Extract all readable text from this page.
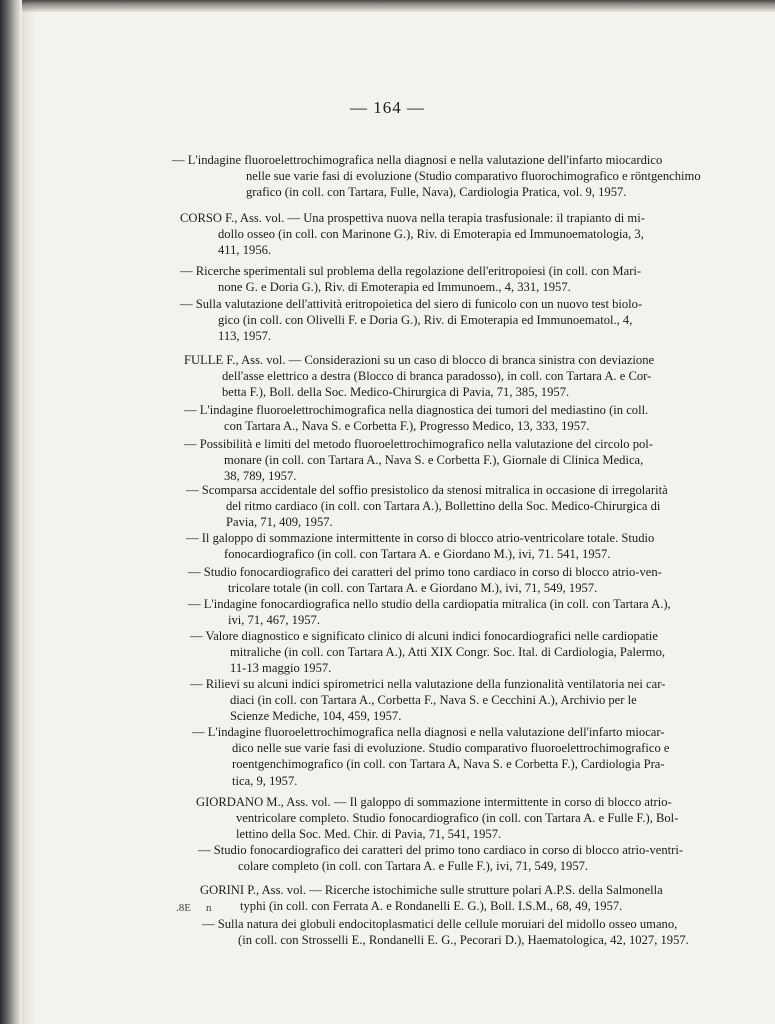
— 164 —
— L'indagine fluoroelettrochimografica nella diagnosi e nella valutazione dell'infarto miocardico
nelle sue varie fasi di evoluzione (Studio comparativo fluorochimografico e röntgenchimo
grafico (in coll. con Tartara, Fulle, Nava), Cardiologia Pratica, vol. 9, 1957.
CORSO F., Ass. vol. — Una prospettiva nuova nella terapia trasfusionale: il trapianto di mi-
dollo osseo (in coll. con Marinone G.), Riv. di Emoterapia ed Immunoematologia, 3,
411, 1956.
— Ricerche sperimentali sul problema della regolazione dell'eritropoiesi (in coll. con Mari-
none G. e Doria G.), Riv. di Emoterapia ed Immunoem., 4, 331, 1957.
— Sulla valutazione dell'attività eritropoietica del siero di funicolo con un nuovo test biolo-
gico (in coll. con Olivelli F. e Doria G.), Riv. di Emoterapia ed Immunoematol., 4,
113, 1957.
FULLE F., Ass. vol. — Considerazioni su un caso di blocco di branca sinistra con deviazione
dell'asse elettrico a destra (Blocco di branca paradosso), in coll. con Tartara A. e Cor-
betta F.), Boll. della Soc. Medico-Chirurgica di Pavia, 71, 385, 1957.
— L'indagine fluoroelettrochimografica nella diagnostica dei tumori del mediastino (in coll.
con Tartara A., Nava S. e Corbetta F.), Progresso Medico, 13, 333, 1957.
— Possibilità e limiti del metodo fluoroelettrochimografico nella valutazione del circolo pol-
monare (in coll. con Tartara A., Nava S. e Corbetta F.), Giornale di Clinica Medica,
38, 789, 1957.
— Scomparsa accidentale del soffio presistolico da stenosi mitralica in occasione di irregolarità
del ritmo cardiaco (in coll. con Tartara A.), Bollettino della Soc. Medico-Chirurgica di
Pavia, 71, 409, 1957.
— Il galoppo di sommazione intermittente in corso di blocco atrio-ventricolare totale. Studio
fonocardiografico (in coll. con Tartara A. e Giordano M.), ivi, 71. 541, 1957.
— Studio fonocardiografico dei caratteri del primo tono cardiaco in corso di blocco atrio-ven-
tricolare totale (in coll. con Tartara A. e Giordano M.), ivi, 71, 549, 1957.
— L'indagine fonocardiografica nello studio della cardiopatia mitralica (in coll. con Tartara A.),
ivi, 71, 467, 1957.
— Valore diagnostico e significato clinico di alcuni indici fonocardiografici nelle cardiopatie
mitraliche (in coll. con Tartara A.), Atti XIX Congr. Soc. Ital. di Cardiologia, Palermo,
11-13 maggio 1957.
— Rilievi su alcuni indici spirometrici nella valutazione della funzionalità ventilatoria nei car-
diaci (in coll. con Tartara A., Corbetta F., Nava S. e Cecchini A.), Archivio per le
Scienze Mediche, 104, 459, 1957.
— L'indagine fluoroelettrochimografica nella diagnosi e nella valutazione dell'infarto miocar-
dico nelle sue varie fasi di evoluzione. Studio comparativo fluoroelettrochimografico e
roentgenchimografico (in coll. con Tartara A, Nava S. e Corbetta F.), Cardiologia Pra-
tica, 9, 1957.
GIORDANO M., Ass. vol. — Il galoppo di sommazione intermittente in corso di blocco atrio-
ventricolare completo. Studio fonocardiografico (in coll. con Tartara A. e Fulle F.), Bol-
lettino della Soc. Med. Chir. di Pavia, 71, 541, 1957.
— Studio fonocardiografico dei caratteri del primo tono cardiaco in corso di blocco atrio-ventri-
colare completo (in coll. con Tartara A. e Fulle F.), ivi, 71, 549, 1957.
GORINI P., Ass. vol. — Ricerche istochimiche sulle strutture polari A.P.S. della Salmonella
typhi (in coll. con Ferrata A. e Rondanelli E. G.), Boll. I.S.M., 68, 49, 1957.
— Sulla natura dei globuli endocitoplasmatici delle cellule moruiari del midollo osseo umano,
(in coll. con Strosselli E., Rondanelli E. G., Pecorari D.), Haematologica, 42, 1027, 1957.
.8E n
